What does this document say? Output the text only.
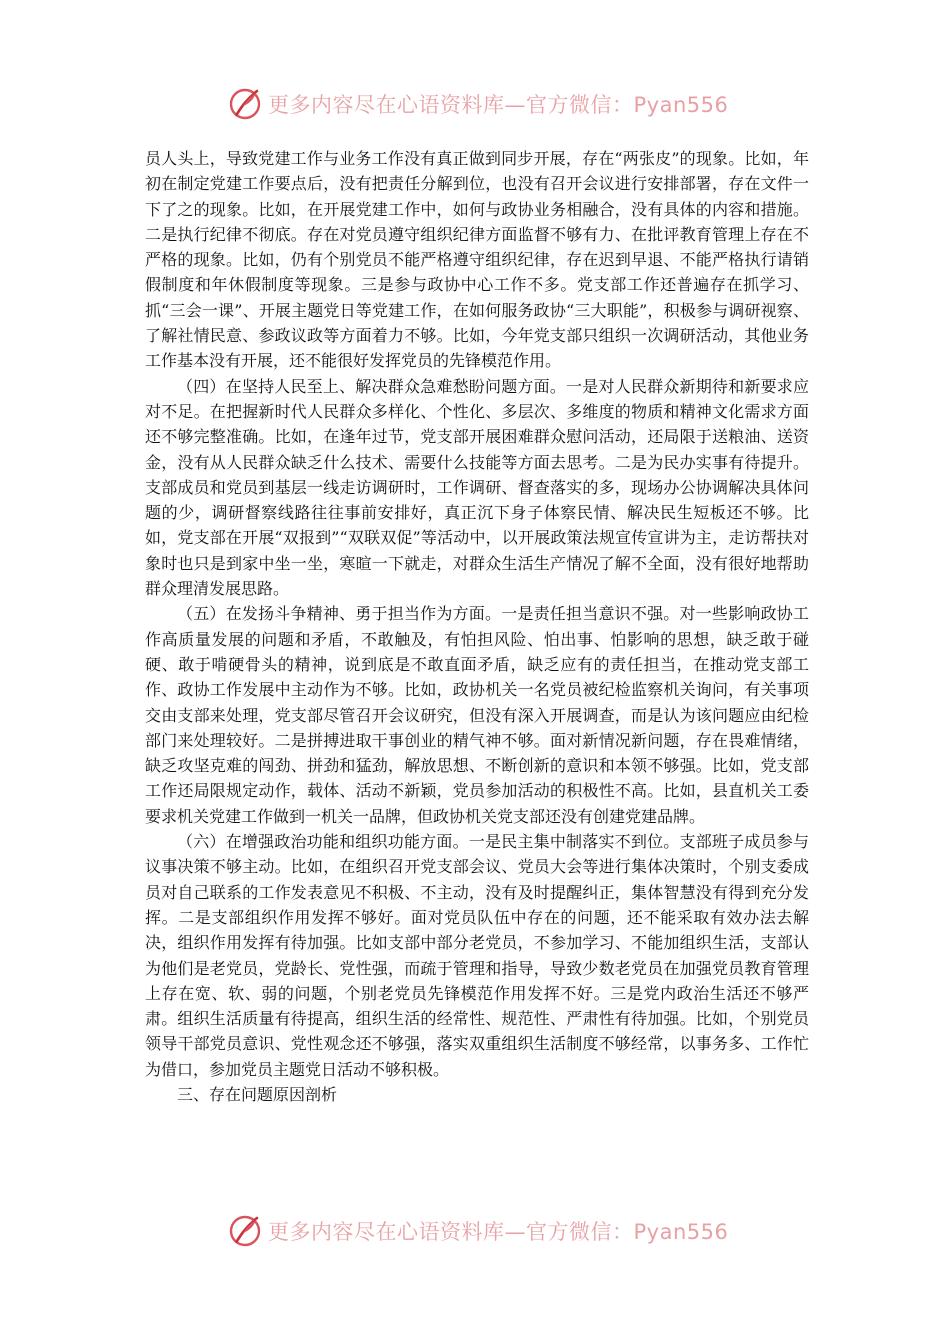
更多内容尽在心语资料库—官方微信：Pyan556

员人头上，导致党建工作与业务工作没有真正做到同步开展，存在“两张皮”的现象。比如，年初在制定党建工作要点后，没有把责任分解到位，也没有召开会议进行安排部署，存在文件一下了之的现象。比如，在开展党建工作中，如何与政协业务相融合，没有具体的内容和措施。二是执行纪律不彻底。存在对党员遵守组织纪律方面监督不够有力、在批评教育管理上存在不严格的现象。比如，仍有个别党员不能严格遵守组织纪律，存在迟到早退、不能严格执行请销假制度和年休假制度等现象。三是参与政协中心工作不多。党支部工作还普遍存在抓学习、抓“三会一课”、开展主题党日等党建工作，在如何服务政协“三大职能”，积极参与调研视察、了解社情民意、参政议政等方面着力不够。比如，今年党支部只组织一次调研活动，其他业务工作基本没有开展，还不能很好发挥党员的先锋模范作用。

（四）在坚持人民至上、解决群众急难愁盼问题方面。一是对人民群众新期待和新要求应对不足。在把握新时代人民群众多样化、个性化、多层次、多维度的物质和精神文化需求方面还不够完整准确。比如，在逢年过节，党支部开展困难群众慰问活动，还局限于送粮油、送资金，没有从人民群众缺乏什么技术、需要什么技能等方面去思考。二是为民办实事有待提升。支部成员和党员到基层一线走访调研时，工作调研、督查落实的多，现场办公协调解决具体问题的少，调研督察线路往往事前安排好，真正沉下身子体察民情、解决民生短板还不够。比如，党支部在开展“双报到”“双联双促”等活动中，以开展政策法规宣传宣讲为主，走访帮扶对象时也只是到家中坐一坐，寒暄一下就走，对群众生活生产情况了解不全面，没有很好地帮助群众理清发展思路。

（五）在发扬斗争精神、勇于担当作为方面。一是责任担当意识不强。对一些影响政协工作高质量发展的问题和矛盾，不敢触及，有怕担风险、怕出事、怕影响的思想，缺乏敢于碰硬、敢于啃硬骨头的精神，说到底是不敢直面矛盾，缺乏应有的责任担当，在推动党支部工作、政协工作发展中主动作为不够。比如，政协机关一名党员被纪检监察机关询问，有关事项交由支部来处理，党支部尽管召开会议研究，但没有深入开展调查，而是认为该问题应由纪检部门来处理较好。二是拼搏进取干事创业的精气神不够。面对新情况新问题，存在畏难情绪，缺乏攻坚克难的闯劲、拼劲和猛劲，解放思想、不断创新的意识和本领不够强。比如，党支部工作还局限规定动作，载体、活动不新颖，党员参加活动的积极性不高。比如，县直机关工委要求机关党建工作做到一机关一品牌，但政协机关党支部还没有创建党建品牌。

（六）在增强政治功能和组织功能方面。一是民主集中制落实不到位。支部班子成员参与议事决策不够主动。比如，在组织召开党支部会议、党员大会等进行集体决策时，个别支委成员对自己联系的工作发表意见不积极、不主动，没有及时提醒纠正，集体智慧没有得到充分发挥。二是支部组织作用发挥不够好。面对党员队伍中存在的问题，还不能采取有效办法去解决，组织作用发挥有待加强。比如支部中部分老党员，不参加学习、不能加组织生活，支部认为他们是老党员，党龄长、党性强，而疏于管理和指导，导致少数老党员在加强党员教育管理上存在宽、软、弱的问题，个别老党员先锋模范作用发挥不好。三是党内政治生活还不够严肃。组织生活质量有待提高，组织生活的经常性、规范性、严肃性有待加强。比如，个别党员领导干部党员意识、党性观念还不够强，落实双重组织生活制度不够经常，以事务多、工作忙为借口，参加党员主题党日活动不够积极。

三、存在问题原因剖析

更多内容尽在心语资料库—官方微信：Pyan556
